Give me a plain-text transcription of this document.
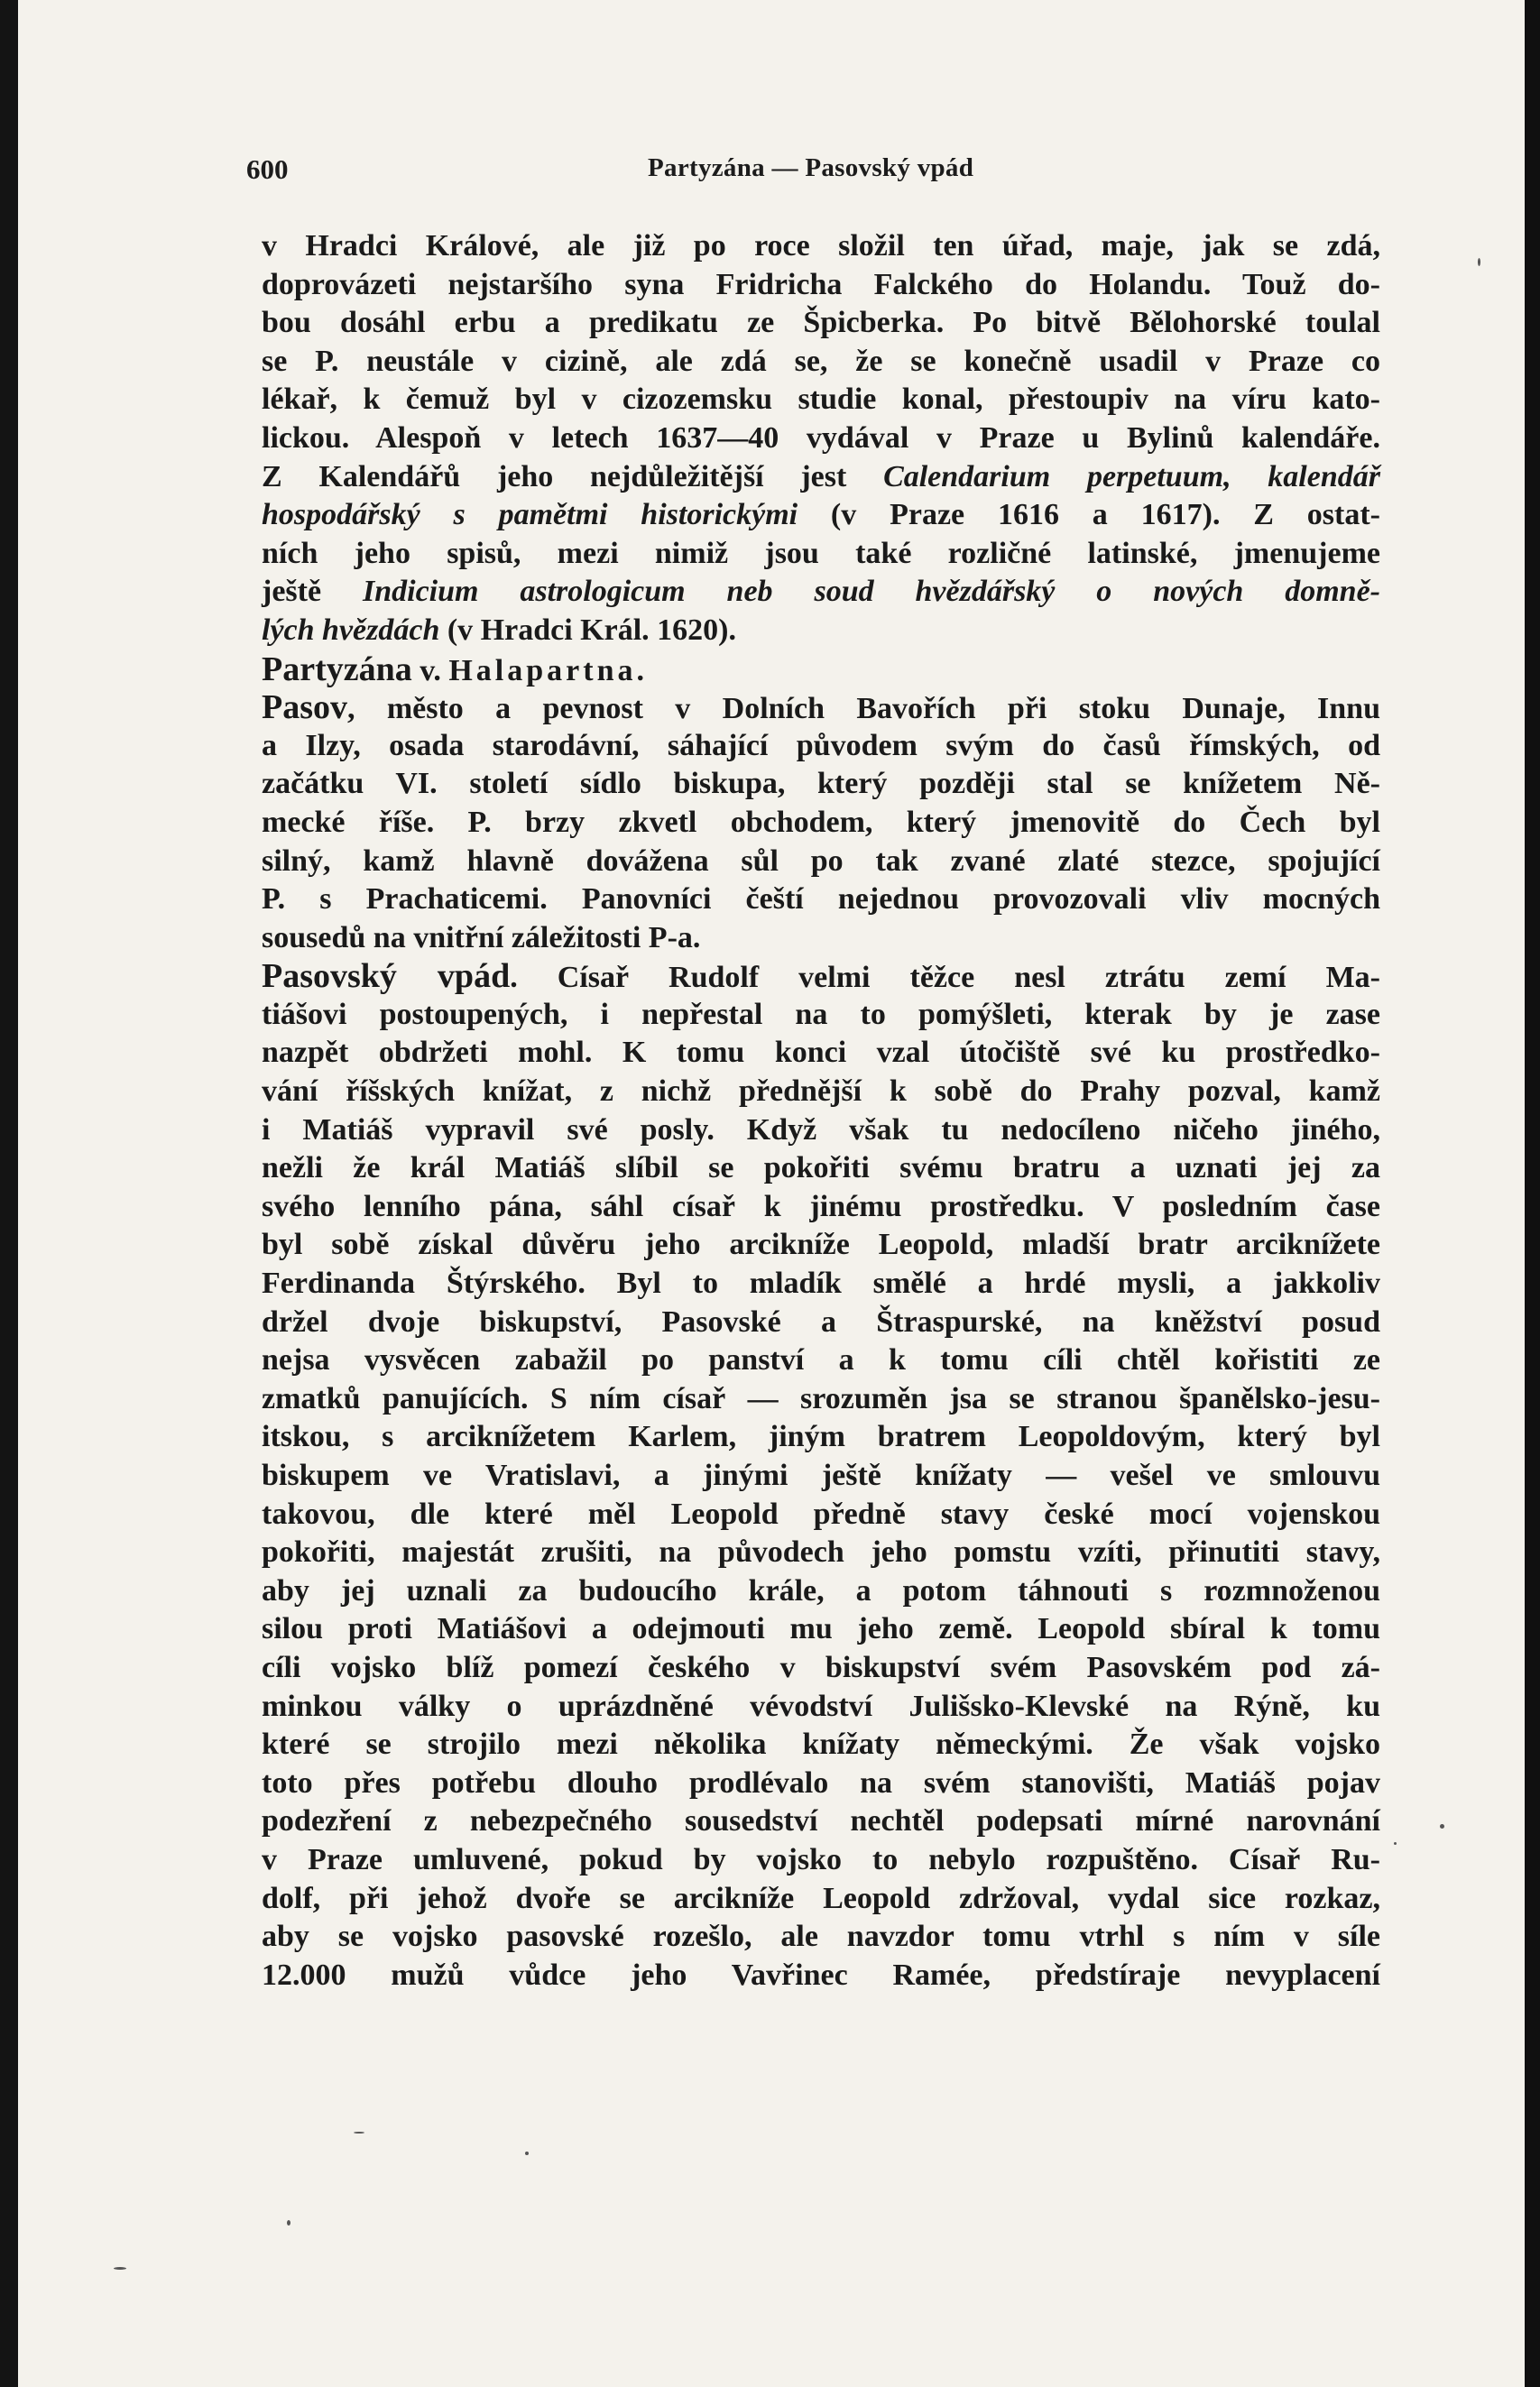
600	Partyzána — Pasovský vpád
v Hradci Králové, ale již po roce složil ten úřad, maje, jak se zdá,
doprovázeti nejstaršího syna Fridricha Falckého do Holandu. Touž do-
bou dosáhl erbu a predikatu ze Špicberka. Po bitvě Bělohorské toulal
se P. neustále v cizině, ale zdá se, že se konečně usadil v Praze co
lékař, k čemuž byl v cizozemsku studie konal, přestoupiv na víru kato-
lickou. Alespoň v letech 1637—40 vydával v Praze u Bylinů kalendáře.
Z Kalendářů jeho nejdůležitější jest Calendarium perpetuum, kalendář
hospodářský s pamětmi historickými (v Praze 1616 a 1617). Z ostat-
ních jeho spisů, mezi nimiž jsou také rozličné latinské, jmenujeme
ještě Indicium astrologicum neb soud hvězdářský o nových domně-
lých hvězdách (v Hradci Král. 1620).
Partyzána v. Halapartna.
Pasov, město a pevnost v Dolních Bavořích při stoku Dunaje, Innu
a Ilzy, osada starodávní, sáhající původem svým do časů římských, od
začátku VI. století sídlo biskupa, který později stal se knížetem Ně-
mecké říše. P. brzy zkvetl obchodem, který jmenovitě do Čech byl
silný, kamž hlavně dovážena sůl po tak zvané zlaté stezce, spojující
P. s Prachaticemi. Panovníci čeští nejednou provozovali vliv mocných
sousedů na vnitřní záležitosti P-a.
Pasovský vpád. Císař Rudolf velmi těžce nesl ztrátu zemí Ma-
tiášovi postoupených, i nepřestal na to pomýšleti, kterak by je zase
nazpět obdržeti mohl. K tomu konci vzal útočiště své ku prostředko-
vání říšských knížat, z nichž přednější k sobě do Prahy pozval, kamž
i Matiáš vypravil své posly. Když však tu nedocíleno ničeho jiného,
nežli že král Matiáš slíbil se pokořiti svému bratru a uznati jej za
svého lenního pána, sáhl císař k jinému prostředku. V posledním čase
byl sobě získal důvěru jeho arcikníže Leopold, mladší bratr arciknížete
Ferdinanda Štýrského. Byl to mladík smělé a hrdé mysli, a jakkoliv
držel dvoje biskupství, Pasovské a Štraspurské, na kněžství posud
nejsa vysvěcen zabažil po panství a k tomu cíli chtěl kořistiti ze
zmatků panujících. S ním císař — srozuměn jsa se stranou španělsko-jesu-
itskou, s arciknížetem Karlem, jiným bratrem Leopoldovým, který byl
biskupem ve Vratislavi, a jinými ještě knížaty — vešel ve smlouvu
takovou, dle které měl Leopold předně stavy české mocí vojenskou
pokořiti, majestát zrušiti, na původech jeho pomstu vzíti, přinutiti stavy,
aby jej uznali za budoucího krále, a potom táhnouti s rozmnoženou
silou proti Matiášovi a odejmouti mu jeho země. Leopold sbíral k tomu
cíli vojsko blíž pomezí českého v biskupství svém Pasovském pod zá-
minkou války o uprázdněné vévodství Julišsko-Klevské na Rýně, ku
které se strojilo mezi několika knížaty německými. Že však vojsko
toto přes potřebu dlouho prodlévalo na svém stanovišti, Matiáš pojav
podezření z nebezpečného sousedství nechtěl podepsati mírné narovnání
v Praze umluvené, pokud by vojsko to nebylo rozpuštěno. Císař Ru-
dolf, při jehož dvoře se arcikníže Leopold zdržoval, vydal sice rozkaz,
aby se vojsko pasovské rozešlo, ale navzdor tomu vtrhl s ním v síle
12.000 mužů vůdce jeho Vavřinec Ramée, předstíraje nevyplacení
